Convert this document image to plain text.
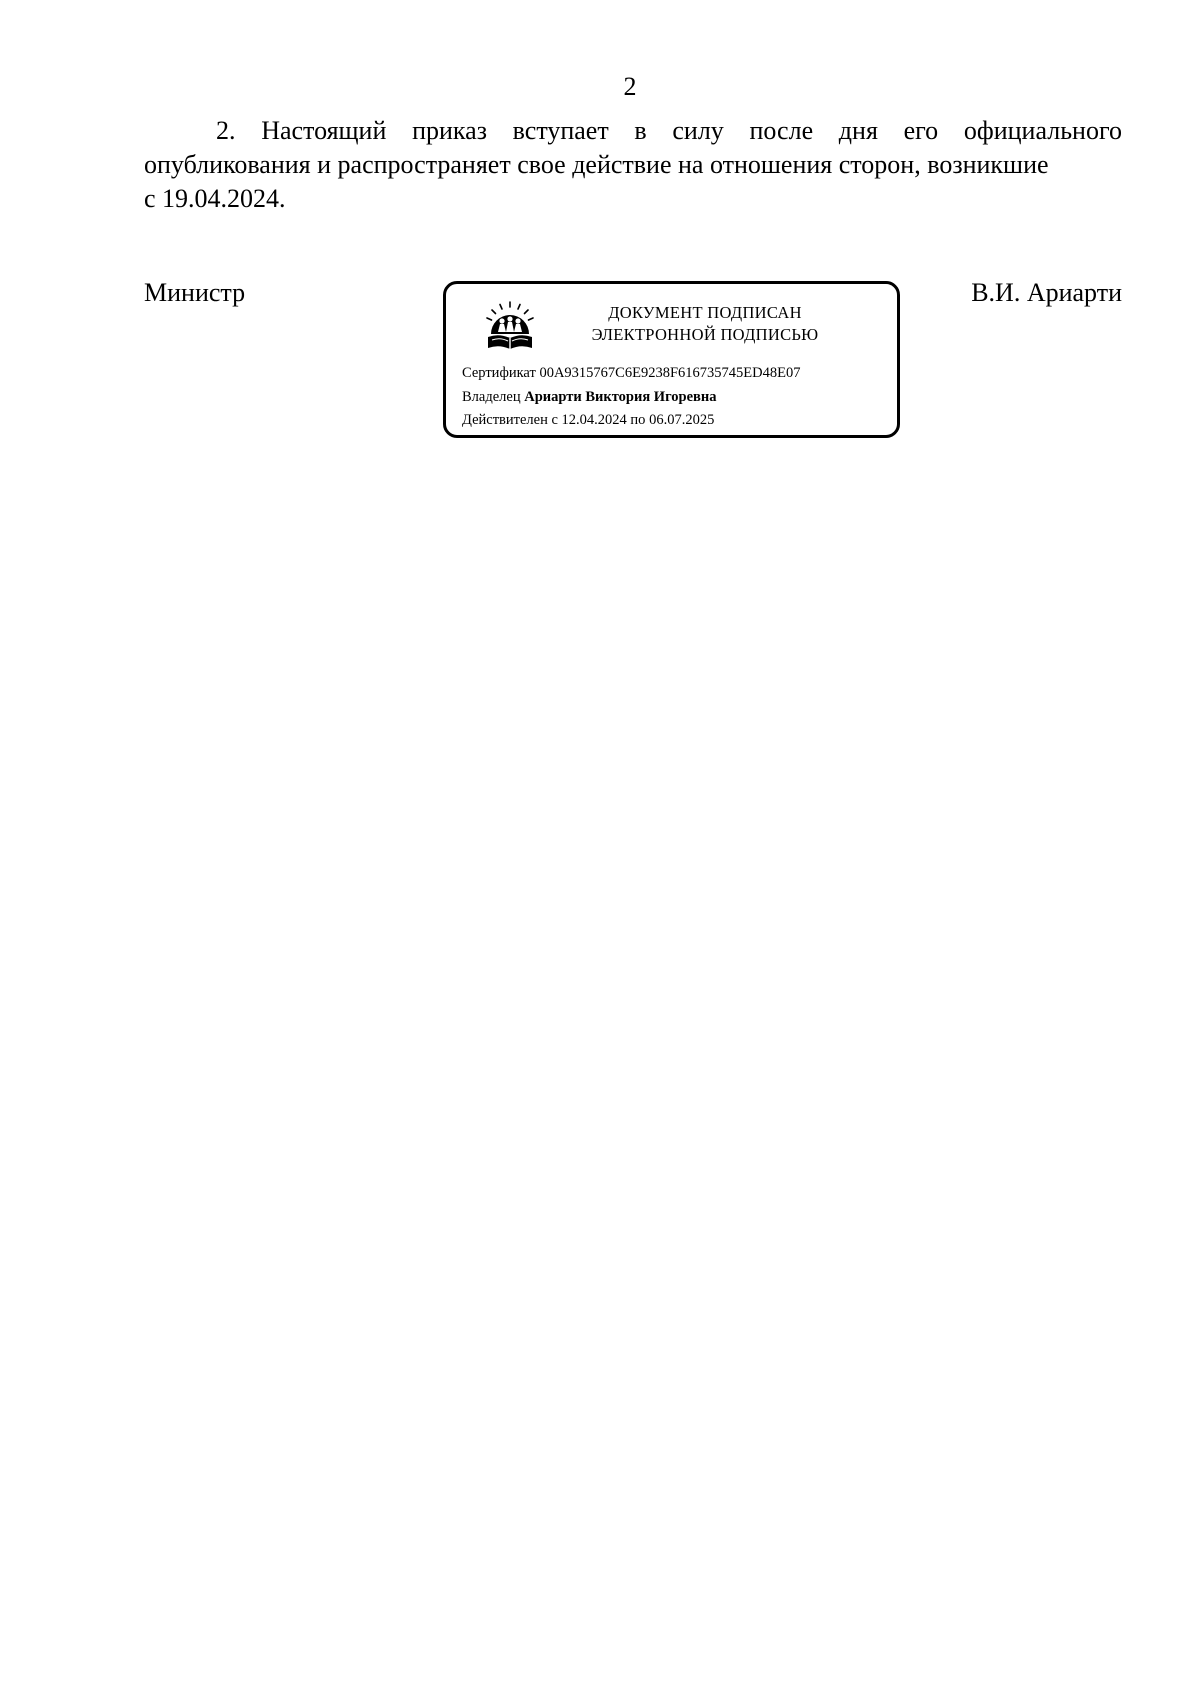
2
2. Настоящий приказ вступает в силу после дня его официального
опубликования и распространяет свое действие на отношения сторон, возникшие
с 19.04.2024.
Министр	В.И. Ариарти
ДОКУМЕНТ ПОДПИСАН
ЭЛЕКТРОННОЙ ПОДПИСЬЮ
Сертификат 00A9315767C6E9238F616735745ED48E07
Владелец Ариарти Виктория Игоревна
Действителен с 12.04.2024 по 06.07.2025
